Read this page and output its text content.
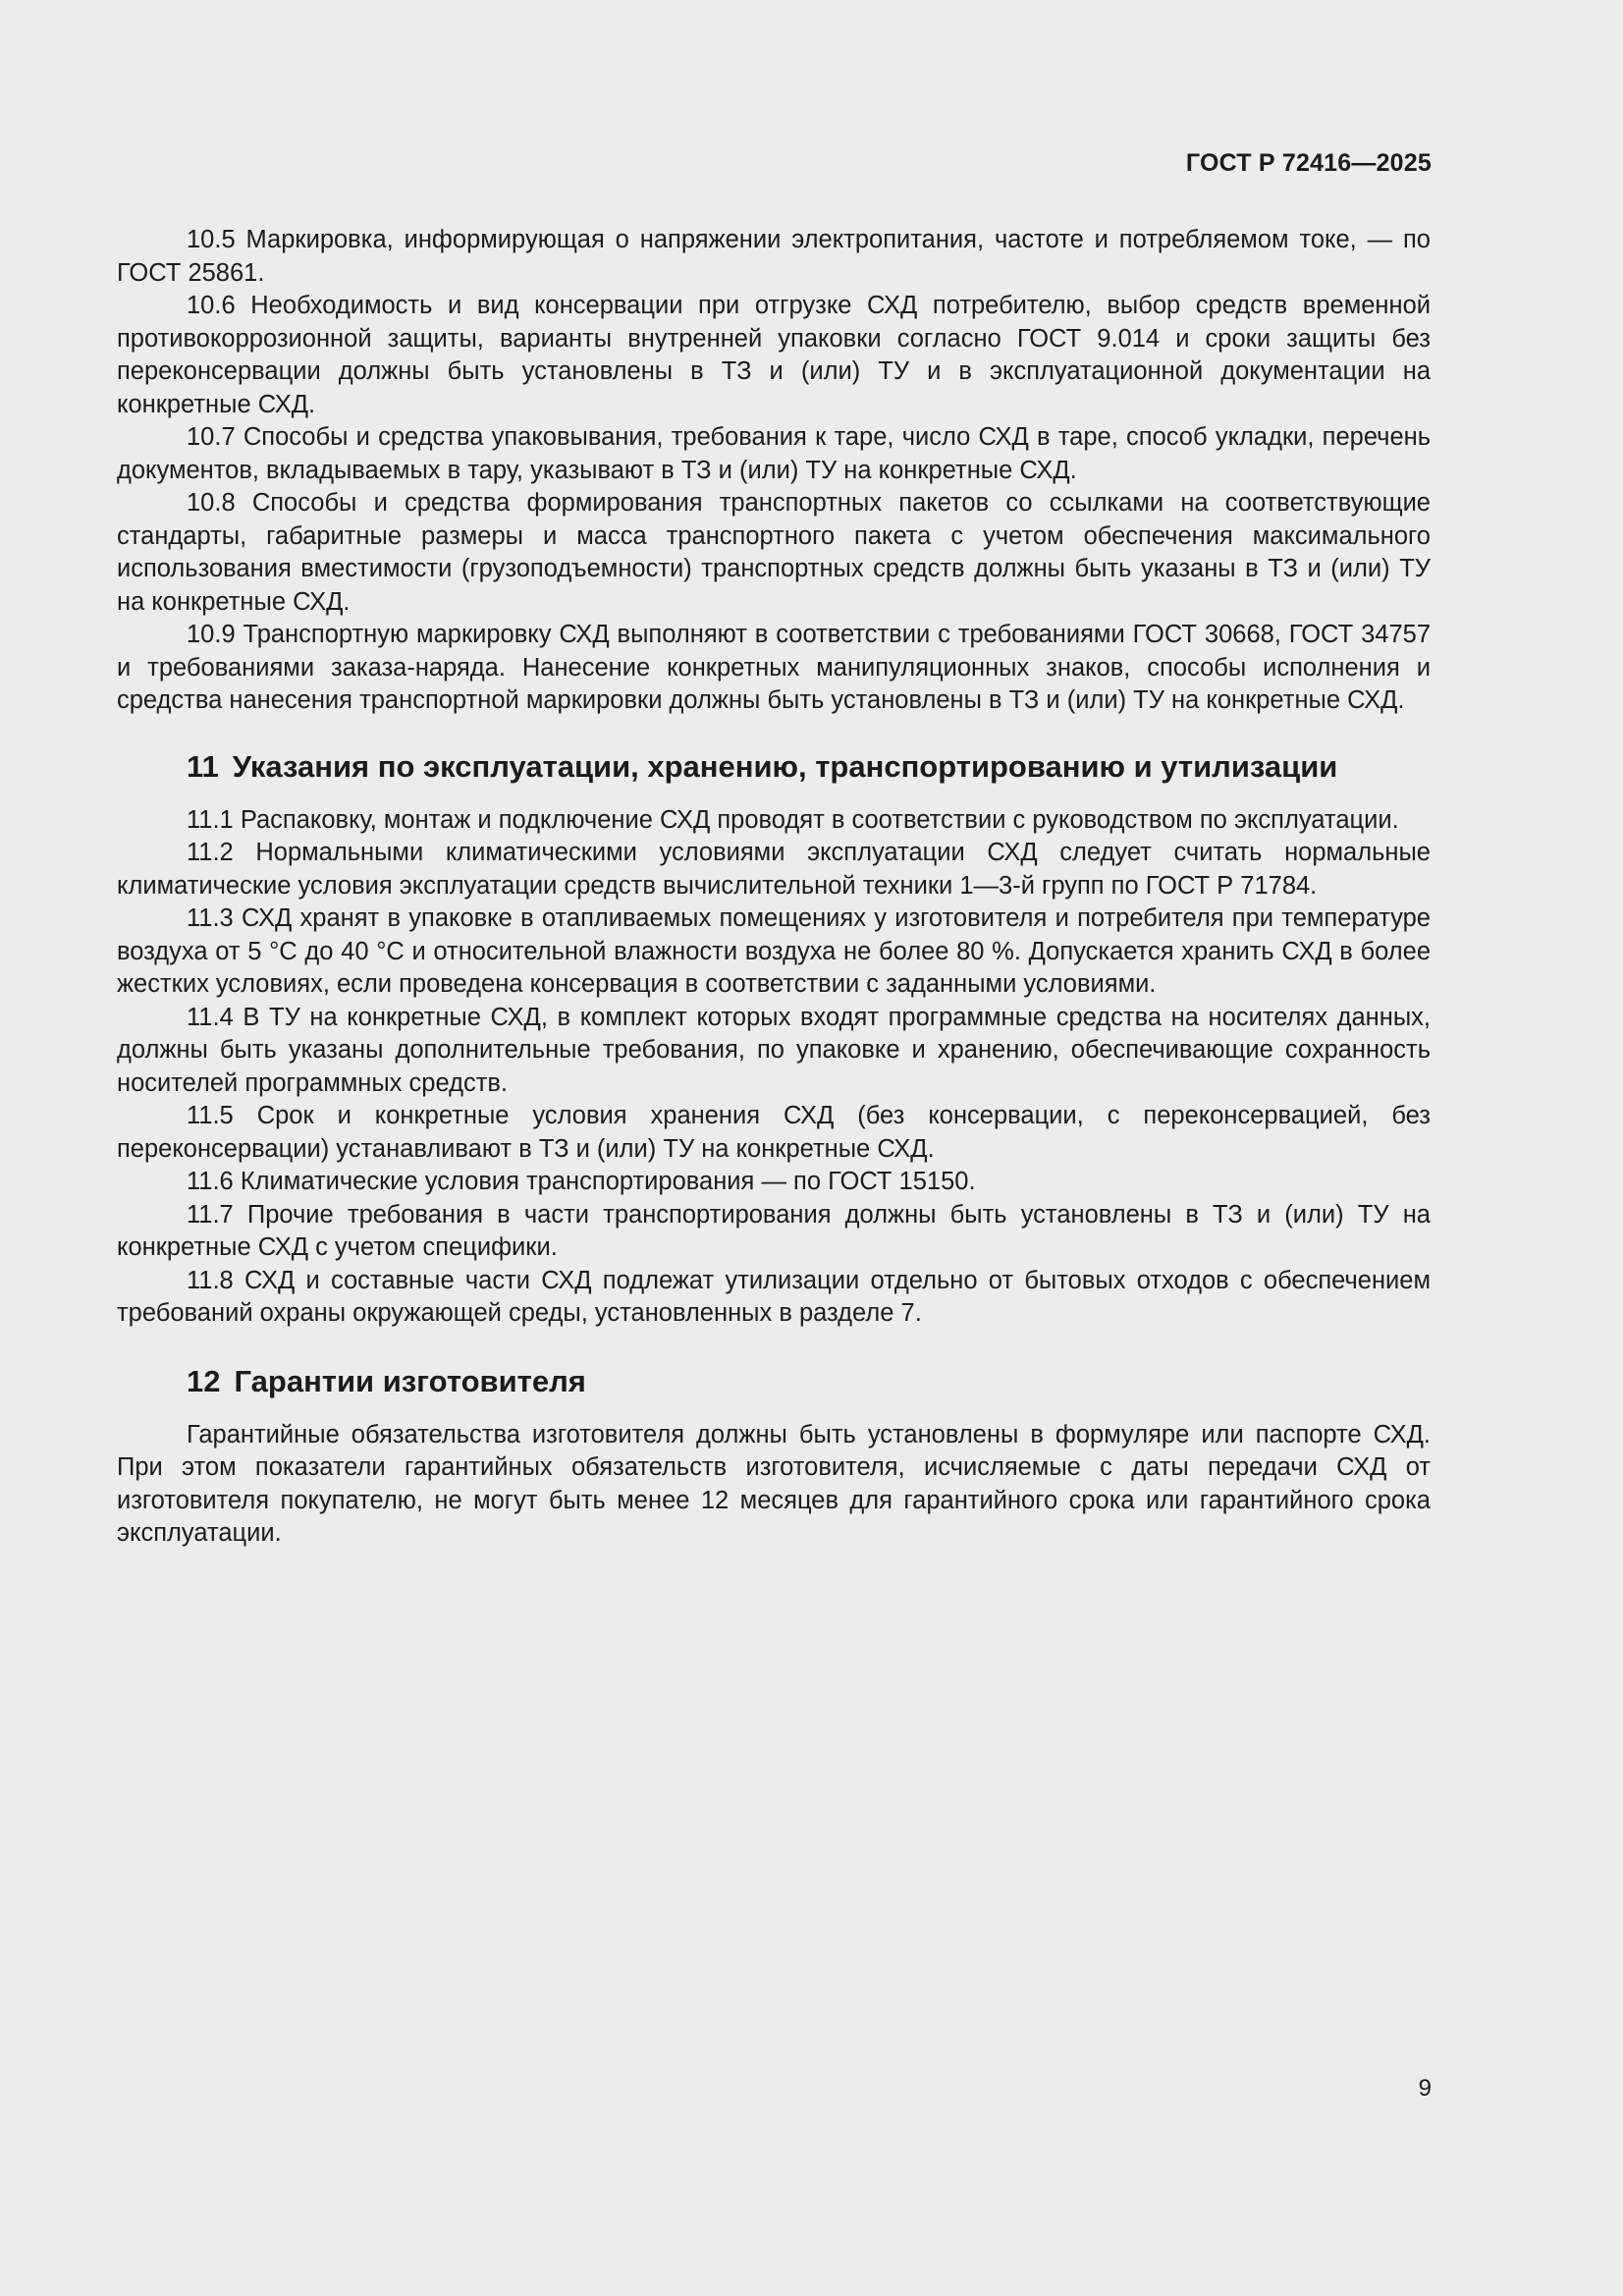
ГОСТ Р 72416—2025

10.5 Маркировка, информирующая о напряжении электропитания, частоте и потребляемом токе, — по ГОСТ 25861.

10.6 Необходимость и вид консервации при отгрузке СХД потребителю, выбор средств временной противокоррозионной защиты, варианты внутренней упаковки согласно ГОСТ 9.014 и сроки защиты без переконсервации должны быть установлены в ТЗ и (или) ТУ и в эксплуатационной документации на конкретные СХД.

10.7 Способы и средства упаковывания, требования к таре, число СХД в таре, способ укладки, перечень документов, вкладываемых в тару, указывают в ТЗ и (или) ТУ на конкретные СХД.

10.8 Способы и средства формирования транспортных пакетов со ссылками на соответствующие стандарты, габаритные размеры и масса транспортного пакета с учетом обеспечения максимального использования вместимости (грузоподъемности) транспортных средств должны быть указаны в ТЗ и (или) ТУ на конкретные СХД.

10.9 Транспортную маркировку СХД выполняют в соответствии с требованиями ГОСТ 30668, ГОСТ 34757 и требованиями заказа-наряда. Нанесение конкретных манипуляционных знаков, способы исполнения и средства нанесения транспортной маркировки должны быть установлены в ТЗ и (или) ТУ на конкретные СХД.

11 Указания по эксплуатации, хранению, транспортированию и утилизации

11.1 Распаковку, монтаж и подключение СХД проводят в соответствии с руководством по эксплуатации.

11.2 Нормальными климатическими условиями эксплуатации СХД следует считать нормальные климатические условия эксплуатации средств вычислительной техники 1—3-й групп по ГОСТ Р 71784.

11.3 СХД хранят в упаковке в отапливаемых помещениях у изготовителя и потребителя при температуре воздуха от 5 °С до 40 °С и относительной влажности воздуха не более 80 %. Допускается хранить СХД в более жестких условиях, если проведена консервация в соответствии с заданными условиями.

11.4 В ТУ на конкретные СХД, в комплект которых входят программные средства на носителях данных, должны быть указаны дополнительные требования, по упаковке и хранению, обеспечивающие сохранность носителей программных средств.

11.5 Срок и конкретные условия хранения СХД (без консервации, с переконсервацией, без переконсервации) устанавливают в ТЗ и (или) ТУ на конкретные СХД.

11.6 Климатические условия транспортирования — по ГОСТ 15150.

11.7 Прочие требования в части транспортирования должны быть установлены в ТЗ и (или) ТУ на конкретные СХД с учетом специфики.

11.8 СХД и составные части СХД подлежат утилизации отдельно от бытовых отходов с обеспечением требований охраны окружающей среды, установленных в разделе 7.

12 Гарантии изготовителя

Гарантийные обязательства изготовителя должны быть установлены в формуляре или паспорте СХД. При этом показатели гарантийных обязательств изготовителя, исчисляемые с даты передачи СХД от изготовителя покупателю, не могут быть менее 12 месяцев для гарантийного срока или гарантийного срока эксплуатации.

9
